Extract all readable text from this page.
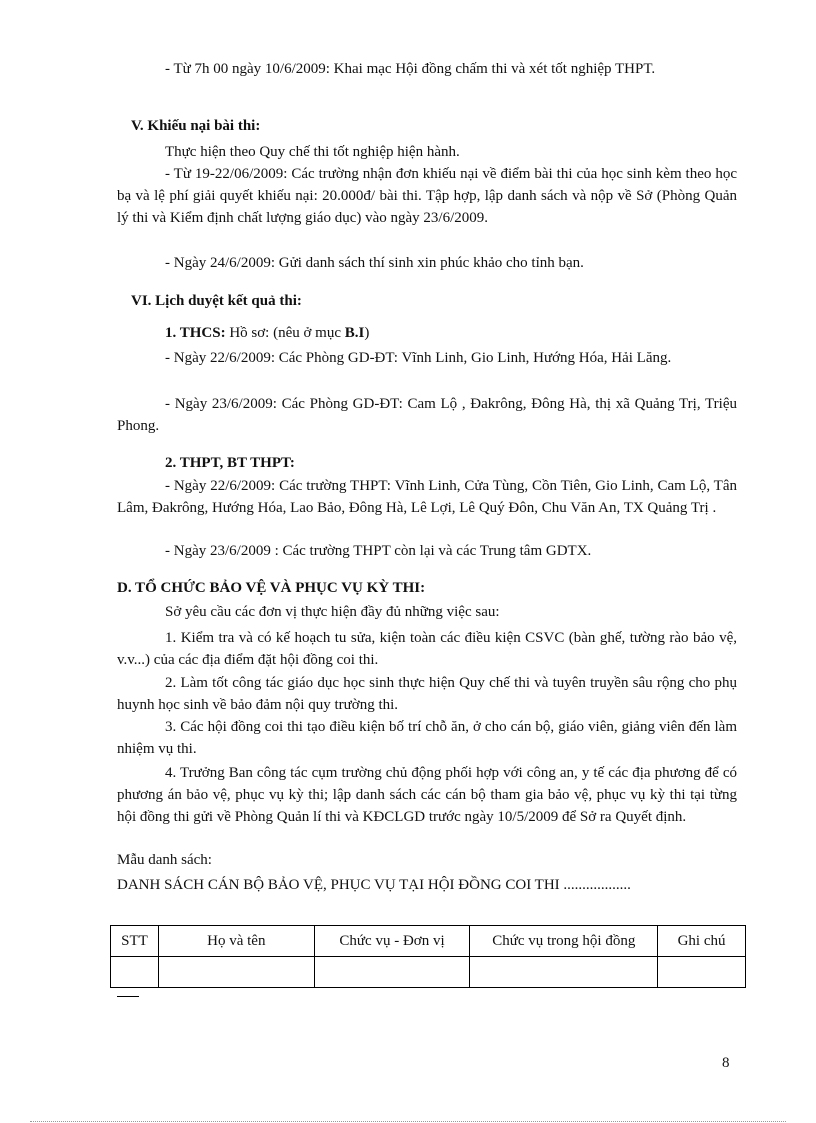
- Từ 7h 00 ngày 10/6/2009: Khai mạc Hội đồng chấm thi và xét tốt nghiệp THPT.

V. Khiếu nại bài thi:

Thực hiện theo Quy chế thi tốt nghiệp hiện hành.

- Từ 19-22/06/2009: Các trường nhận đơn khiếu nại về điểm bài thi của học sinh kèm theo học bạ và lệ phí giải quyết khiếu nại: 20.000đ/ bài thi. Tập hợp, lập danh sách và nộp về Sở (Phòng Quản lý thi và Kiểm định chất lượng giáo dục) vào ngày 23/6/2009.

- Ngày 24/6/2009: Gửi danh sách thí sinh xin phúc khảo cho tỉnh bạn.

VI. Lịch duyệt kết quả thi:

1. THCS: Hồ sơ: (nêu ở mục B.I)

- Ngày 22/6/2009: Các Phòng GD-ĐT: Vĩnh Linh, Gio Linh, Hướng Hóa, Hải Lăng.

- Ngày 23/6/2009: Các Phòng GD-ĐT: Cam Lộ , Đakrông, Đông Hà, thị xã Quảng Trị, Triệu Phong.

2. THPT, BT THPT:

- Ngày 22/6/2009: Các trường THPT: Vĩnh Linh, Cửa Tùng, Cồn Tiên, Gio Linh, Cam Lộ, Tân Lâm, Đakrông, Hướng Hóa, Lao Bảo, Đông Hà, Lê Lợi, Lê Quý Đôn, Chu Văn An, TX Quảng Trị .

- Ngày 23/6/2009 : Các trường THPT còn lại và các Trung tâm GDTX.

D. TỔ CHỨC BẢO VỆ VÀ PHỤC VỤ KỲ THI:

Sở yêu cầu các đơn vị thực hiện đầy đủ những việc sau:

1. Kiểm tra và có kế hoạch tu sửa, kiện toàn các điều kiện CSVC (bàn ghế, tường rào bảo vệ, v.v...) của các địa điểm đặt hội đồng coi thi.

2. Làm tốt công tác giáo dục học sinh thực hiện Quy chế thi và tuyên truyền sâu rộng cho phụ huynh học sinh về bảo đảm nội quy trường thi.

3. Các hội đồng coi thi tạo điều kiện bố trí chỗ ăn, ở cho cán bộ, giáo viên, giảng viên đến làm nhiệm vụ thi.

4. Trưởng Ban công tác cụm trường chủ động phối hợp với công an, y tế các địa phương để có phương án bảo vệ, phục vụ kỳ thi; lập danh sách các cán bộ tham gia bảo vệ, phục vụ kỳ thi tại từng hội đồng thi gửi về Phòng Quản lí thi và KĐCLGD trước ngày 10/5/2009 để Sở ra Quyết định.

Mẫu danh sách:

DANH SÁCH CÁN BỘ BẢO VỆ, PHỤC VỤ TẠI HỘI ĐỒNG COI THI ..................

STT	Họ và tên	Chức vụ - Đơn vị	Chức vụ trong hội đồng	Ghi chú

8
